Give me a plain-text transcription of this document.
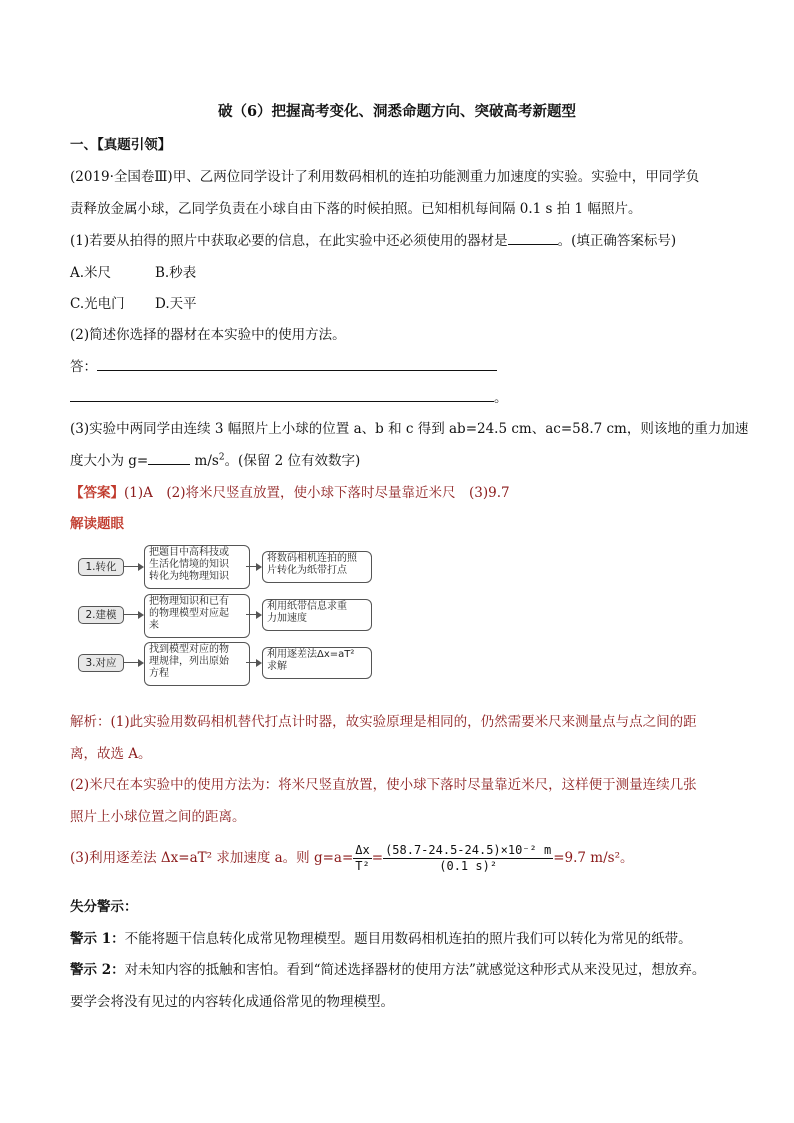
破（6）把握高考变化、洞悉命题方向、突破高考新题型
一、【真题引领】
(2019·全国卷Ⅲ)甲、乙两位同学设计了利用数码相机的连拍功能测重力加速度的实验。实验中，甲同学负
责释放金属小球，乙同学负责在小球自由下落的时候拍照。已知相机每间隔 0.1 s 拍 1 幅照片。
(1)若要从拍得的照片中获取必要的信息，在此实验中还必须使用的器材是	。(填正确答案标号)
A.米尺	B.秒表
C.光电门 D.天平
(2)简述你选择的器材在本实验中的使用方法。
答：
。
(3)实验中两同学由连续 3 幅照片上小球的位置 a、b 和 c 得到 ab=24.5 cm、ac=58.7 cm，则该地的重力加速
度大小为 g=	$m/s^2$。(保留 2 位有效数字)
【答案】(1)A　(2)将米尺竖直放置，使小球下落时尽量靠近米尺　(3)9.7
解读题眼
1.转化
把题目中高科技或
生活化情境的知识
转化为纯物理知识
将数码相机连拍的照
片转化为纸带打点
2.建模
把物理知识和已有
的物理模型对应起
来
利用纸带信息求重
力加速度
3.对应
找到模型对应的物
理规律，列出原始
方程
利用逐差法Δx=aT²
求解
解析：(1)此实验用数码相机替代打点计时器，故实验原理是相同的，仍然需要米尺来测量点与点之间的距
离，故选 A。
(2)米尺在本实验中的使用方法为：将米尺竖直放置，使小球下落时尽量靠近米尺，这样便于测量连续几张
照片上小球位置之间的距离。
(3)利用逐差法 Δx=aT² 求加速度 a。则 $g=a= \frac{\Delta x}{\text{T²}} = \frac{\text{(58.7-24.5-24.5)×10⁻² m}}{\text{(0.1 s)²}} =9.7$ m/s²。
失分警示：
警示 1：不能将题干信息转化成常见物理模型。题目用数码相机连拍的照片我们可以转化为常见的纸带。
警示 2：对未知内容的抵触和害怕。看到“简述选择器材的使用方法”就感觉这种形式从来没见过，想放弃。
要学会将没有见过的内容转化成通俗常见的物理模型。
